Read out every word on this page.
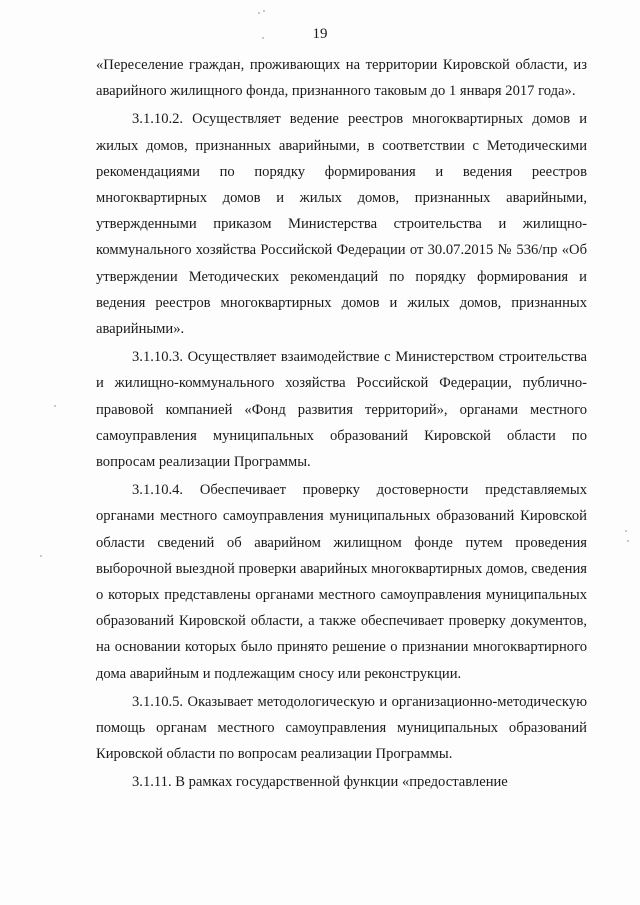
19

«Переселение граждан, проживающих на территории Кировской области, из аварийного жилищного фонда, признанного таковым до 1 января 2017 года».

3.1.10.2. Осуществляет ведение реестров многоквартирных домов и жилых домов, признанных аварийными, в соответствии с Методическими рекомендациями по порядку формирования и ведения реестров многоквартирных домов и жилых домов, признанных аварийными, утвержденными приказом Министерства строительства и жилищно-коммунального хозяйства Российской Федерации от 30.07.2015 № 536/пр «Об утверждении Методических рекомендаций по порядку формирования и ведения реестров многоквартирных домов и жилых домов, признанных аварийными».

3.1.10.3. Осуществляет взаимодействие с Министерством строительства и жилищно-коммунального хозяйства Российской Федерации, публично-правовой компанией «Фонд развития территорий», органами местного самоуправления муниципальных образований Кировской области по вопросам реализации Программы.

3.1.10.4. Обеспечивает проверку достоверности представляемых органами местного самоуправления муниципальных образований Кировской области сведений об аварийном жилищном фонде путем проведения выборочной выездной проверки аварийных многоквартирных домов, сведения о которых представлены органами местного самоуправления муниципальных образований Кировской области, а также обеспечивает проверку документов, на основании которых было принято решение о признании многоквартирного дома аварийным и подлежащим сносу или реконструкции.

3.1.10.5. Оказывает методологическую и организационно-методическую помощь органам местного самоуправления муниципальных образований Кировской области по вопросам реализации Программы.

3.1.11. В рамках государственной функции «предоставление
